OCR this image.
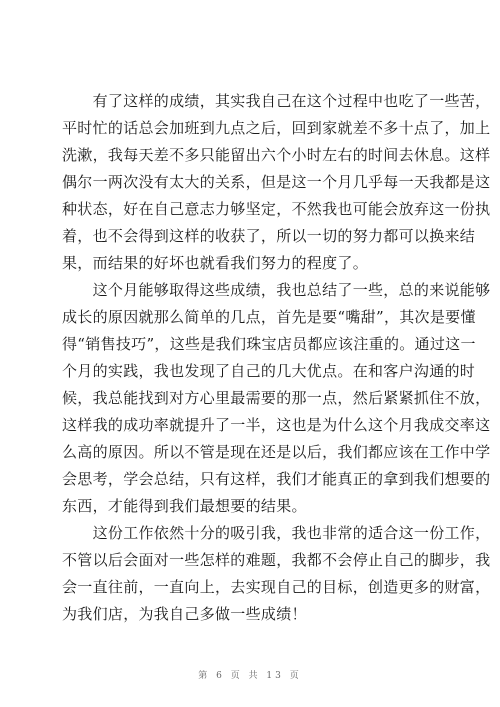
　　有了这样的成绩，其实我自己在这个过程中也吃了一些苦，
平时忙的话总会加班到九点之后，回到家就差不多十点了，加上
洗漱，我每天差不多只能留出六个小时左右的时间去休息。这样
偶尔一两次没有太大的关系，但是这一个月几乎每一天我都是这
种状态，好在自己意志力够坚定，不然我也可能会放弃这一份执
着，也不会得到这样的收获了，所以一切的努力都可以换来结
果，而结果的好坏也就看我们努力的程度了。

　　这个月能够取得这些成绩，我也总结了一些，总的来说能够
成长的原因就那么简单的几点，首先是要“嘴甜”，其次是要懂
得“销售技巧”，这些是我们珠宝店员都应该注重的。通过这一
个月的实践，我也发现了自己的几大优点。在和客户沟通的时
候，我总能找到对方心里最需要的那一点，然后紧紧抓住不放，
这样我的成功率就提升了一半，这也是为什么这个月我成交率这
么高的原因。所以不管是现在还是以后，我们都应该在工作中学
会思考，学会总结，只有这样，我们才能真正的拿到我们想要的
东西，才能得到我们最想要的结果。

　　这份工作依然十分的吸引我，我也非常的适合这一份工作，
不管以后会面对一些怎样的难题，我都不会停止自己的脚步，我
会一直往前，一直向上，去实现自己的目标，创造更多的财富，
为我们店，为我自己多做一些成绩！

第 6 页 共 13 页
